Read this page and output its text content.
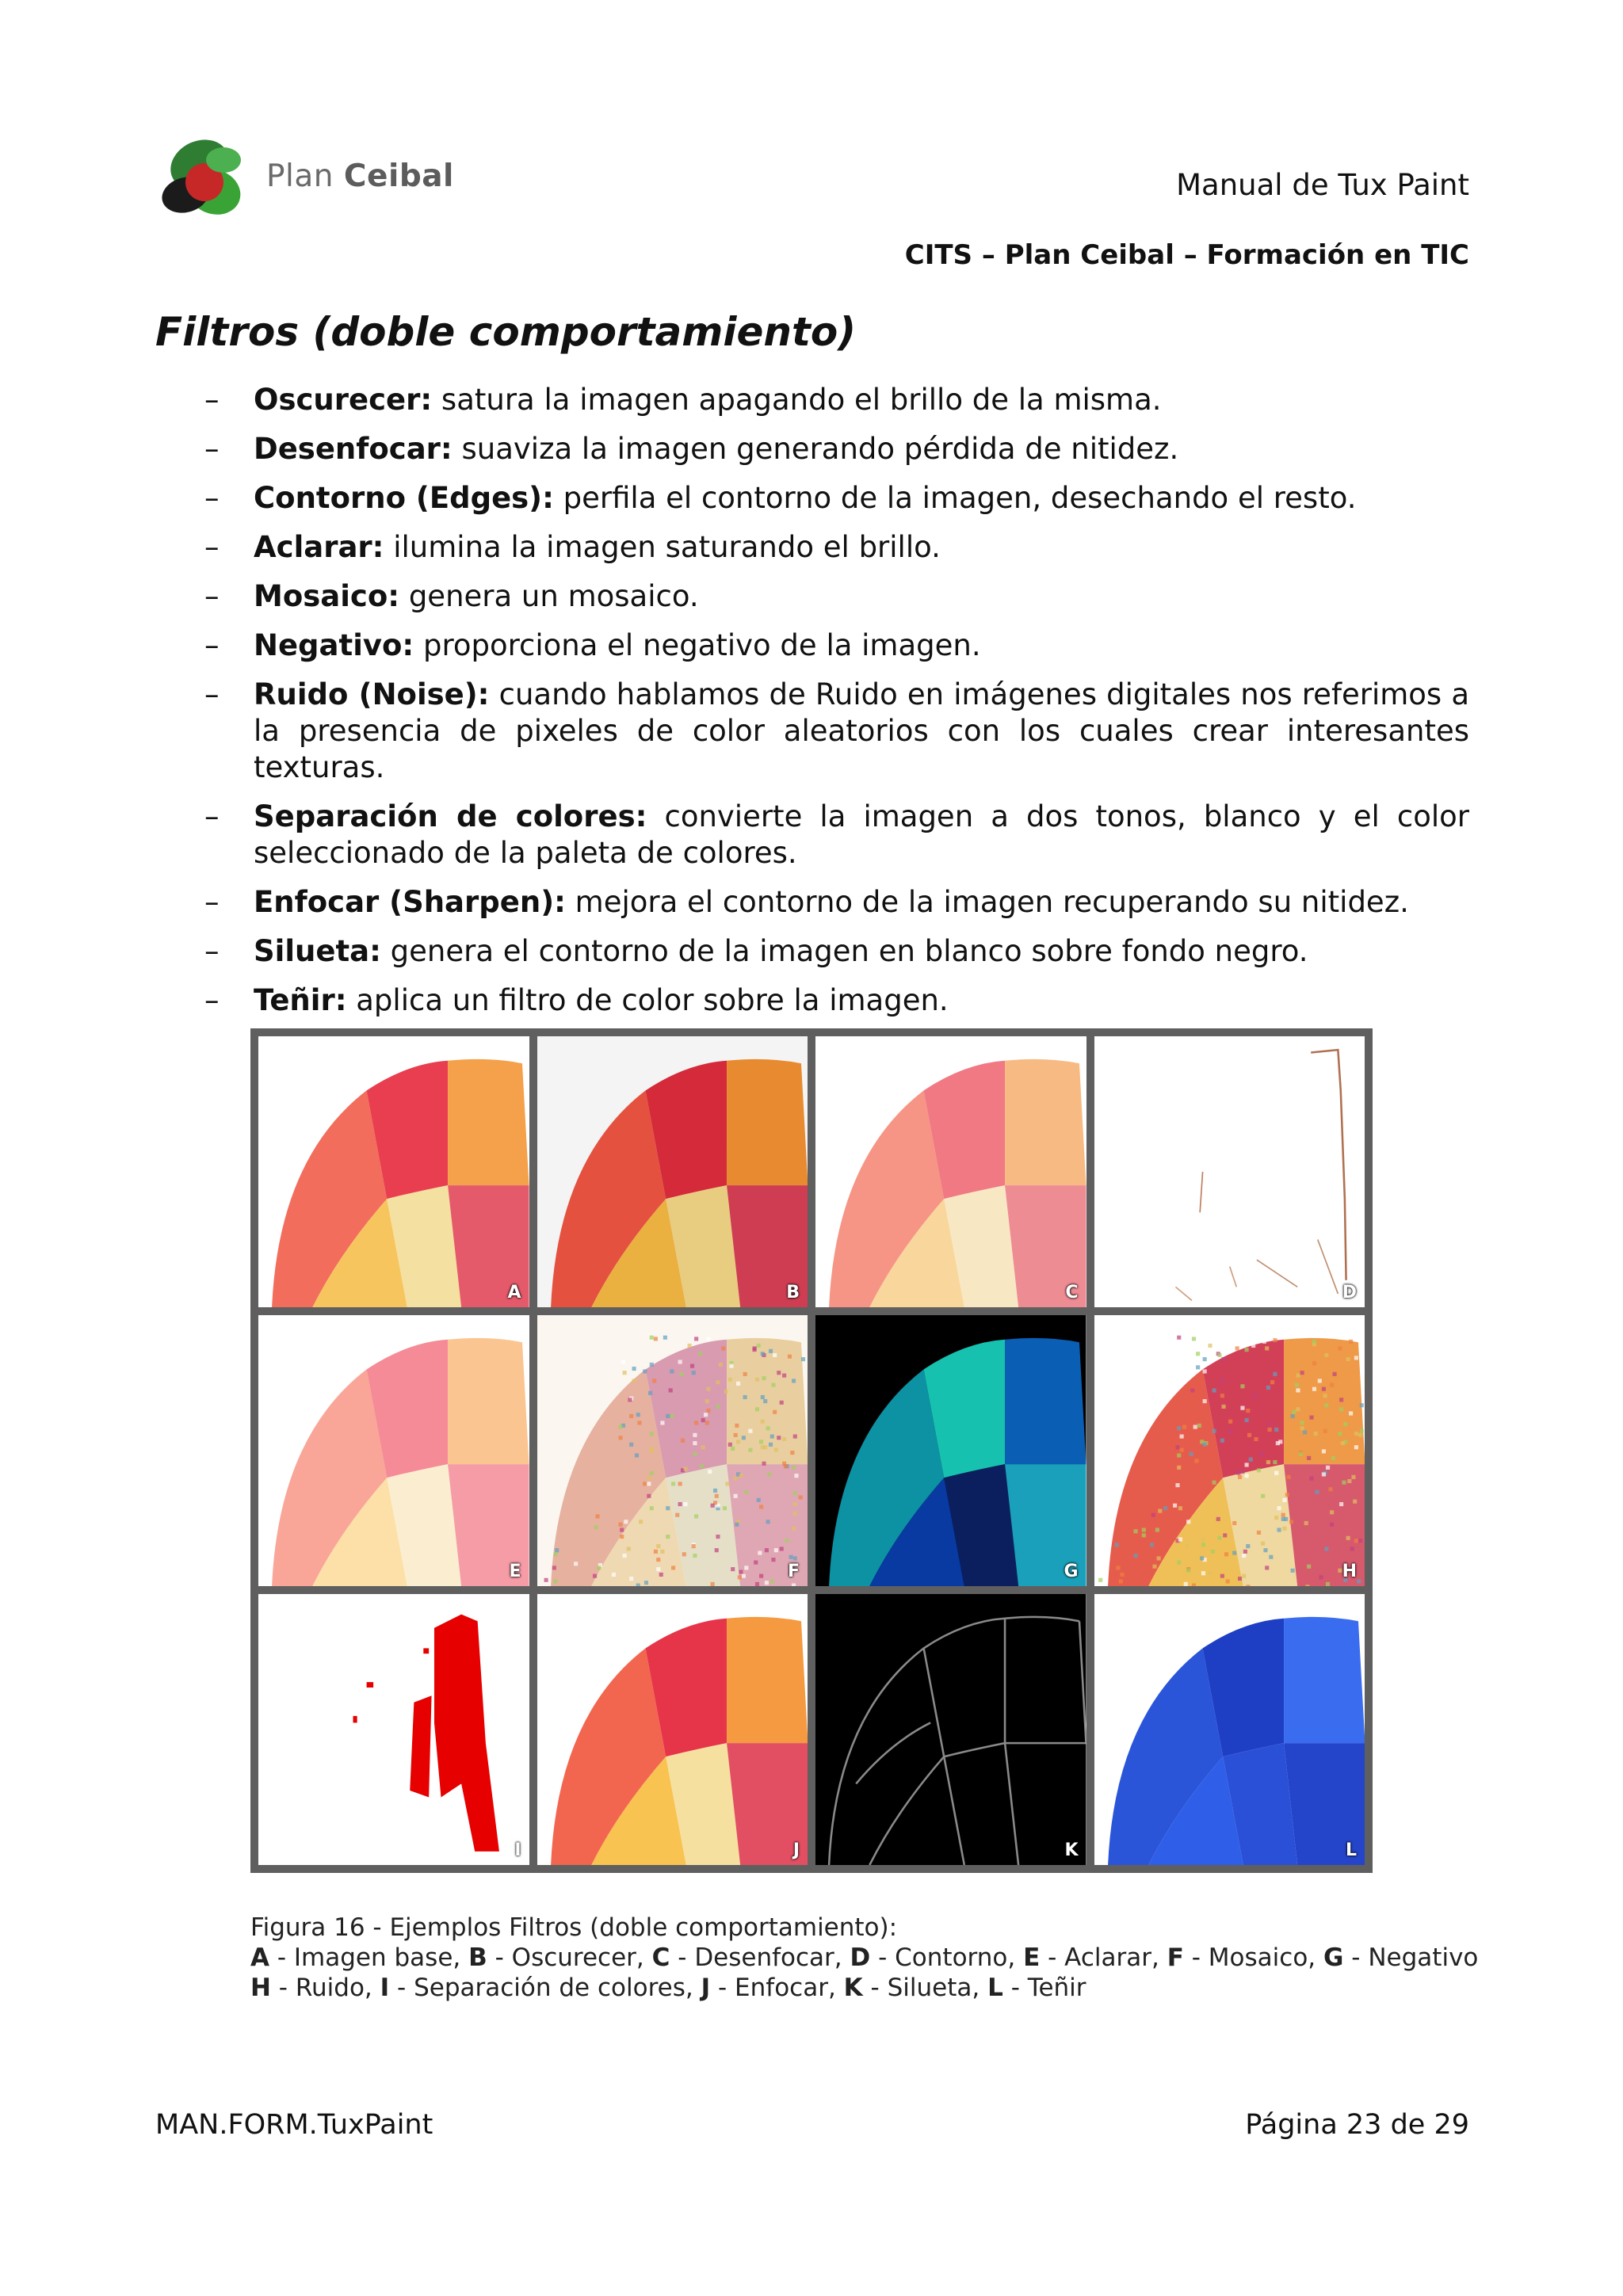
Plan Ceibal	Manual de Tux Paint
CITS – Plan Ceibal – Formación en TIC
Filtros (doble comportamiento)
– Oscurecer: satura la imagen apagando el brillo de la misma.
– Desenfocar: suaviza la imagen generando pérdida de nitidez.
– Contorno (Edges): perfila el contorno de la imagen, desechando el resto.
– Aclarar: ilumina la imagen saturando el brillo.
– Mosaico: genera un mosaico.
– Negativo: proporciona el negativo de la imagen.
– Ruido (Noise): cuando hablamos de Ruido en imágenes digitales nos referimos a la presencia de pixeles de color aleatorios con los cuales crear interesantes texturas.
– Separación de colores: convierte la imagen a dos tonos, blanco y el color seleccionado de la paleta de colores.
– Enfocar (Sharpen): mejora el contorno de la imagen recuperando su nitidez.
– Silueta: genera el contorno de la imagen en blanco sobre fondo negro.
– Teñir: aplica un filtro de color sobre la imagen.
A	B	C	D
E	F	G	H
I	J	K	L
Figura 16 - Ejemplos Filtros (doble comportamiento):
A - Imagen base, B - Oscurecer, C - Desenfocar, D - Contorno, E - Aclarar, F - Mosaico, G - Negativo
H - Ruido, I - Separación de colores, J - Enfocar, K - Silueta, L - Teñir
MAN.FORM.TuxPaint	Página 23 de 29
